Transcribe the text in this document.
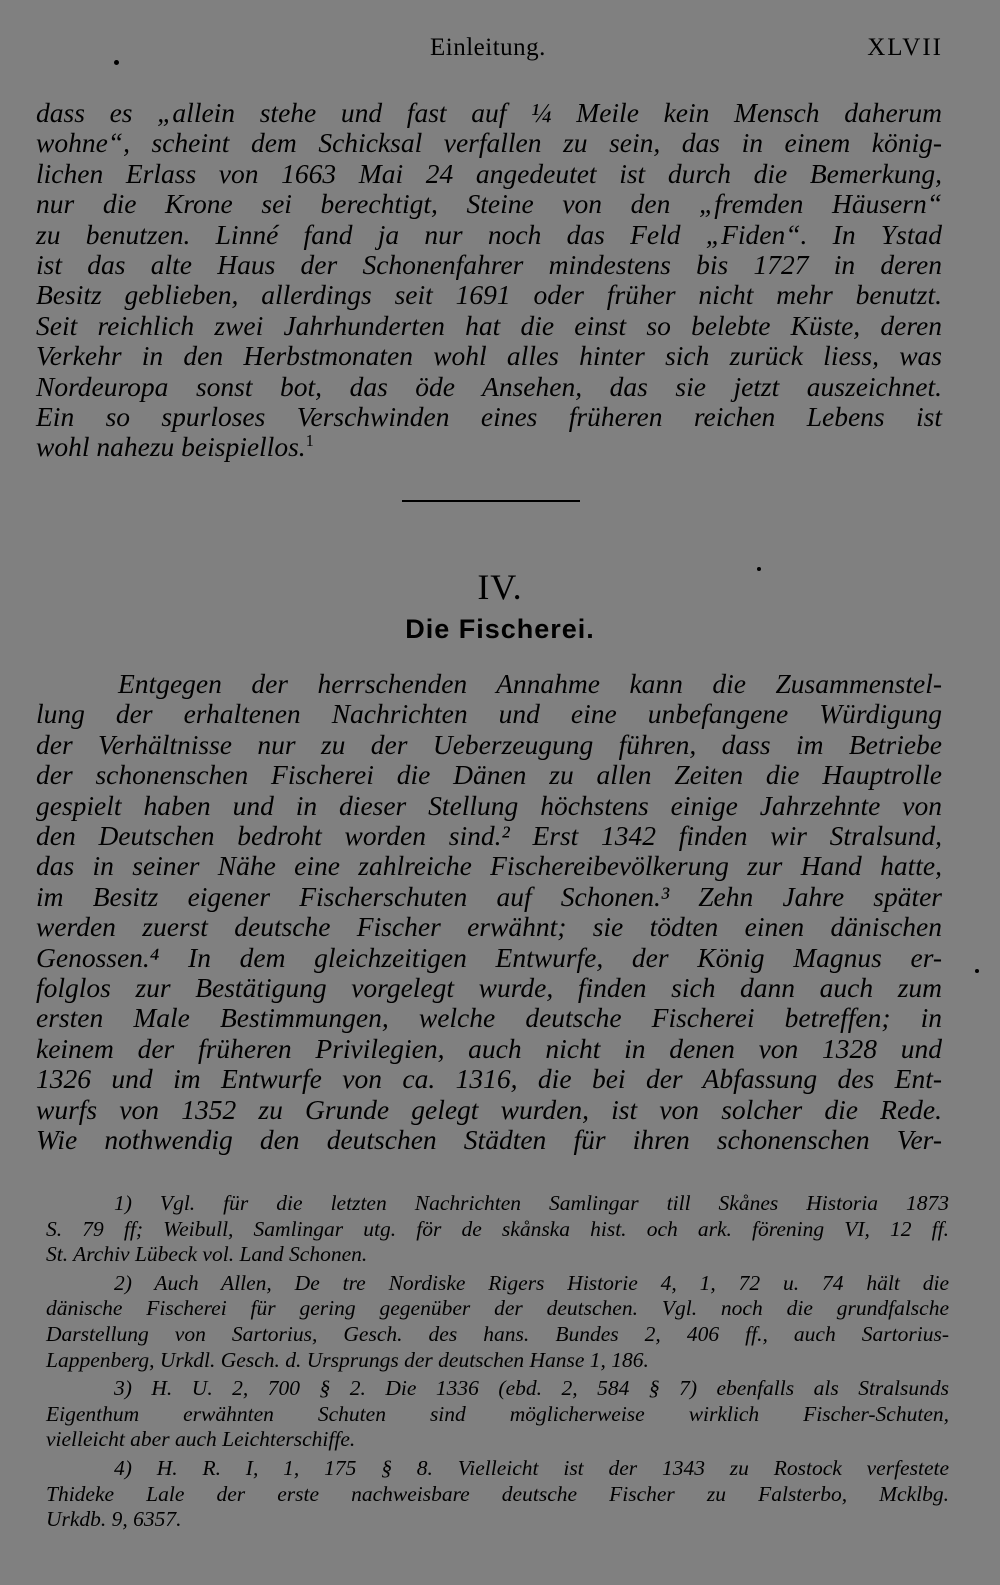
Einleitung.	XLVII
dass es „allein stehe und fast auf ¼ Meile kein Mensch daherum
wohne“, scheint dem Schicksal verfallen zu sein, das in einem könig-
lichen Erlass von 1663 Mai 24 angedeutet ist durch die Bemerkung,
nur die Krone sei berechtigt, Steine von den „fremden Häusern“
zu benutzen. Linné fand ja nur noch das Feld „Fiden“. In Ystad
ist das alte Haus der Schonenfahrer mindestens bis 1727 in deren
Besitz geblieben, allerdings seit 1691 oder früher nicht mehr benutzt.
Seit reichlich zwei Jahrhunderten hat die einst so belebte Küste, deren
Verkehr in den Herbstmonaten wohl alles hinter sich zurück liess, was
Nordeuropa sonst bot, das öde Ansehen, das sie jetzt auszeichnet.
Ein so spurloses Verschwinden eines früheren reichen Lebens ist
wohl nahezu beispiellos.$^1$
IV.
Die Fischerei.
Entgegen der herrschenden Annahme kann die Zusammenstel-
lung der erhaltenen Nachrichten und eine unbefangene Würdigung
der Verhältnisse nur zu der Ueberzeugung führen, dass im Betriebe
der schonenschen Fischerei die Dänen zu allen Zeiten die Hauptrolle
gespielt haben und in dieser Stellung höchstens einige Jahrzehnte von
den Deutschen bedroht worden sind.² Erst 1342 finden wir Stralsund,
das in seiner Nähe eine zahlreiche Fischereibevölkerung zur Hand hatte,
im Besitz eigener Fischerschuten auf Schonen.³ Zehn Jahre später
werden zuerst deutsche Fischer erwähnt; sie tödten einen dänischen
Genossen.⁴ In dem gleichzeitigen Entwurfe, der König Magnus er-
folglos zur Bestätigung vorgelegt wurde, finden sich dann auch zum
ersten Male Bestimmungen, welche deutsche Fischerei betreffen; in
keinem der früheren Privilegien, auch nicht in denen von 1328 und
1326 und im Entwurfe von ca. 1316, die bei der Abfassung des Ent-
wurfs von 1352 zu Grunde gelegt wurden, ist von solcher die Rede.
Wie nothwendig den deutschen Städten für ihren schonenschen Ver-
1) Vgl. für die letzten Nachrichten Samlingar till Skånes Historia 1873
S. 79 ff; Weibull, Samlingar utg. för de skånska hist. och ark. förening VI, 12 ff.
St. Archiv Lübeck vol. Land Schonen.
2) Auch Allen, De tre Nordiske Rigers Historie 4, 1, 72 u. 74 hält die
dänische Fischerei für gering gegenüber der deutschen. Vgl. noch die grundfalsche
Darstellung von Sartorius, Gesch. des hans. Bundes 2, 406 ff., auch Sartorius-
Lappenberg, Urkdl. Gesch. d. Ursprungs der deutschen Hanse 1, 186.
3) H. U. 2, 700 § 2. Die 1336 (ebd. 2, 584 § 7) ebenfalls als Stralsunds
Eigenthum erwähnten Schuten sind möglicherweise wirklich Fischer-Schuten,
vielleicht aber auch Leichterschiffe.
4) H. R. I, 1, 175 § 8. Vielleicht ist der 1343 zu Rostock verfestete
Thideke Lale der erste nachweisbare deutsche Fischer zu Falsterbo, Mcklbg.
Urkdb. 9, 6357.
